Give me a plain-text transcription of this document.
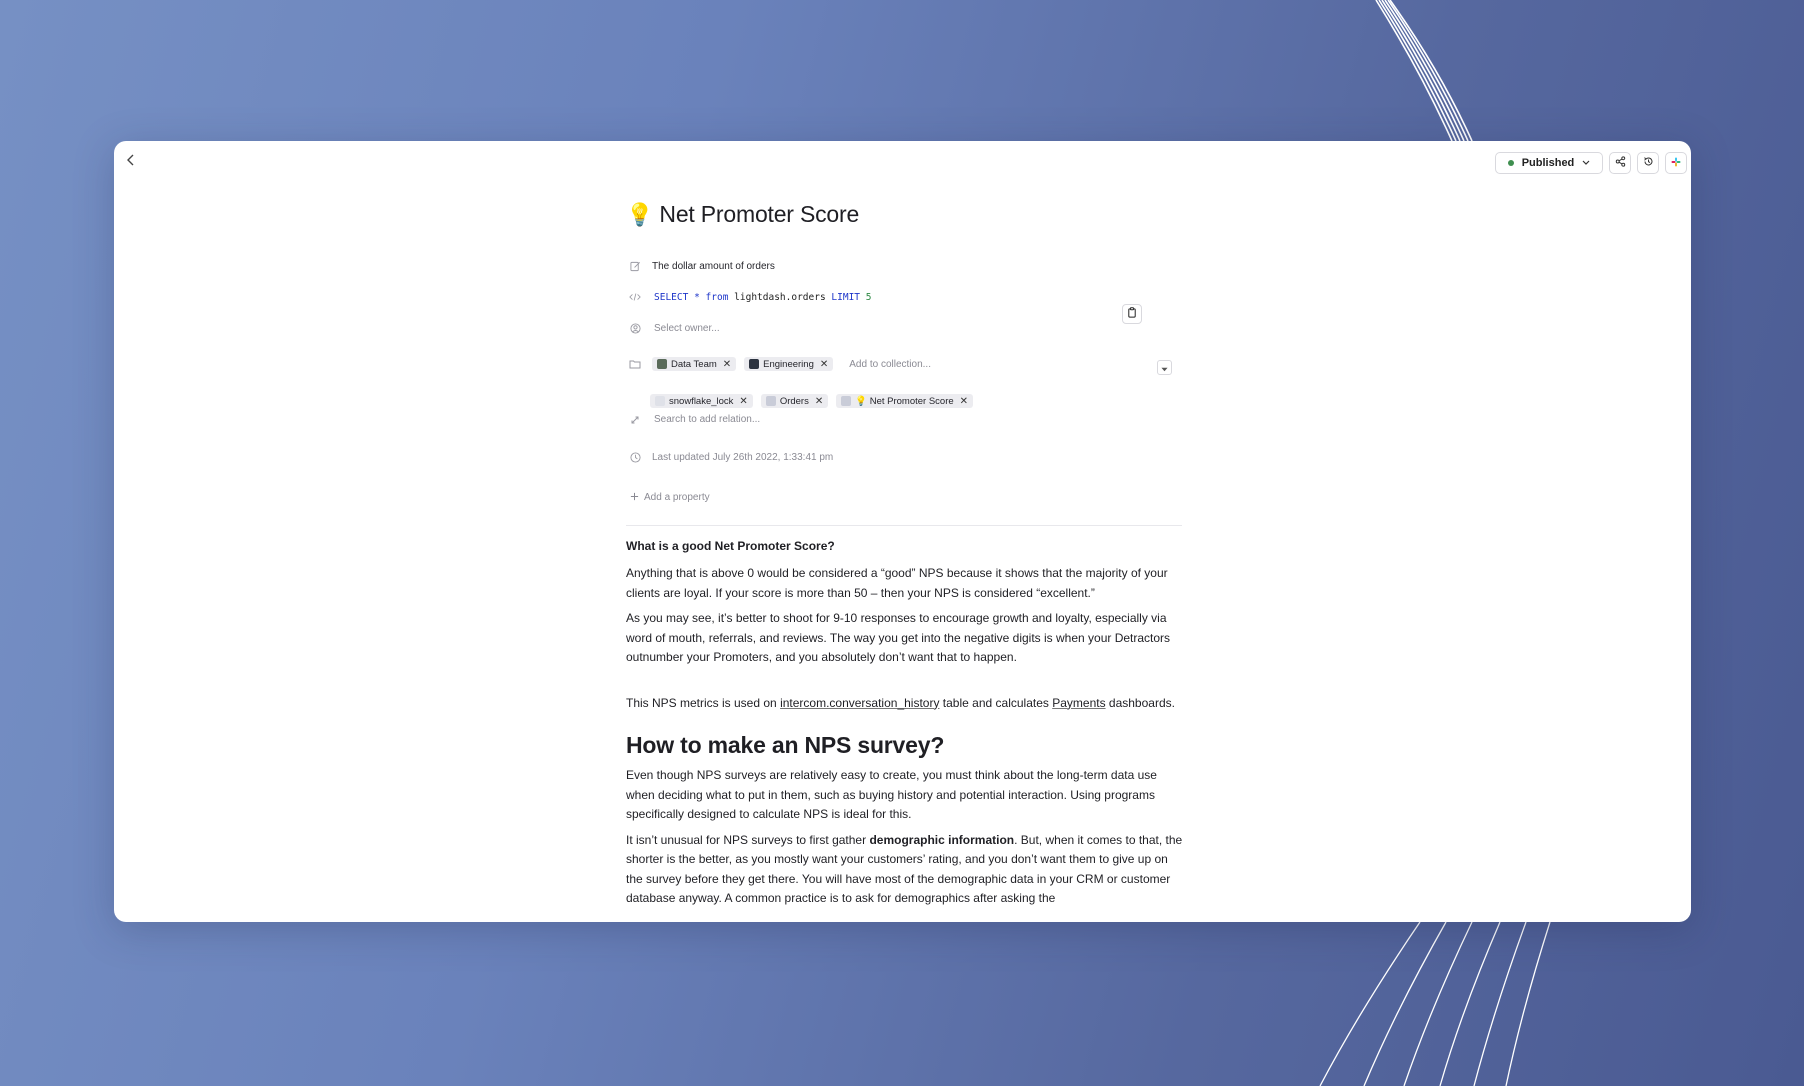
Published
💡 Net Promoter Score
The dollar amount of orders
SELECT * from lightdash.orders LIMIT 5
Select owner...
Data Team ✕	Engineering ✕ Add to collection...
snowflake_lock ✕	Orders ✕	💡 Net Promoter Score ✕
Search to add relation...
Last updated July 26th 2022, 1:33:41 pm
Add a property
What is a good Net Promoter Score?

Anything that is above 0 would be considered a “good” NPS because it shows that the majority of your clients are loyal. If your score is more than 50 – then your NPS is considered “excellent.”

As you may see, it’s better to shoot for 9-10 responses to encourage growth and loyalty, especially via word of mouth, referrals, and reviews. The way you get into the negative digits is when your Detractors outnumber your Promoters, and you absolutely don’t want that to happen.

This NPS metrics is used on intercom.conversation_history table and calculates Payments dashboards.

How to make an NPS survey?

Even though NPS surveys are relatively easy to create, you must think about the long-term data use when deciding what to put in them, such as buying history and potential interaction. Using programs specifically designed to calculate NPS is ideal for this.

It isn’t unusual for NPS surveys to first gather demographic information. But, when it comes to that, the shorter is the better, as you mostly want your customers’ rating, and you don’t want them to give up on the survey before they get there. You will have most of the demographic data in your CRM or customer database anyway. A common practice is to ask for demographics after asking the
